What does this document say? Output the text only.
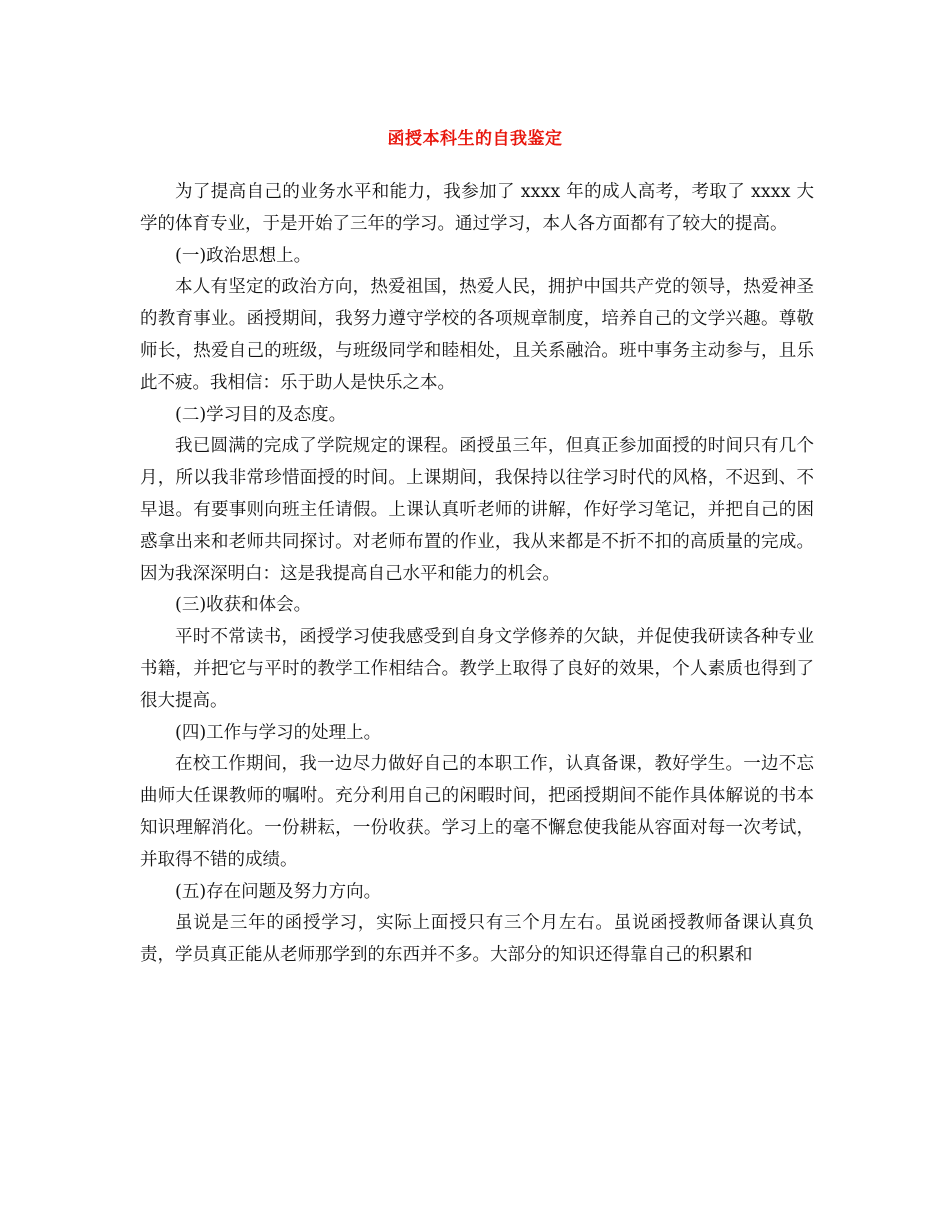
函授本科生的自我鉴定

为了提高自己的业务水平和能力，我参加了 xxxx 年的成人高考，考取了 xxxx 大学的体育专业，于是开始了三年的学习。通过学习，本人各方面都有了较大的提高。

(一)政治思想上。

本人有坚定的政治方向，热爱祖国，热爱人民，拥护中国共产党的领导，热爱神圣的教育事业。函授期间，我努力遵守学校的各项规章制度，培养自己的文学兴趣。尊敬师长，热爱自己的班级，与班级同学和睦相处，且关系融洽。班中事务主动参与，且乐此不疲。我相信：乐于助人是快乐之本。

(二)学习目的及态度。

我已圆满的完成了学院规定的课程。函授虽三年，但真正参加面授的时间只有几个月，所以我非常珍惜面授的时间。上课期间，我保持以往学习时代的风格，不迟到、不早退。有要事则向班主任请假。上课认真听老师的讲解，作好学习笔记，并把自己的困惑拿出来和老师共同探讨。对老师布置的作业，我从来都是不折不扣的高质量的完成。因为我深深明白：这是我提高自己水平和能力的机会。

(三)收获和体会。

平时不常读书，函授学习使我感受到自身文学修养的欠缺，并促使我研读各种专业书籍，并把它与平时的教学工作相结合。教学上取得了良好的效果，个人素质也得到了很大提高。

(四)工作与学习的处理上。

在校工作期间，我一边尽力做好自己的本职工作，认真备课，教好学生。一边不忘曲师大任课教师的嘱咐。充分利用自己的闲暇时间，把函授期间不能作具体解说的书本知识理解消化。一份耕耘，一份收获。学习上的毫不懈怠使我能从容面对每一次考试，并取得不错的成绩。

(五)存在问题及努力方向。

虽说是三年的函授学习，实际上面授只有三个月左右。虽说函授教师备课认真负责，学员真正能从老师那学到的东西并不多。大部分的知识还得靠自己的积累和
